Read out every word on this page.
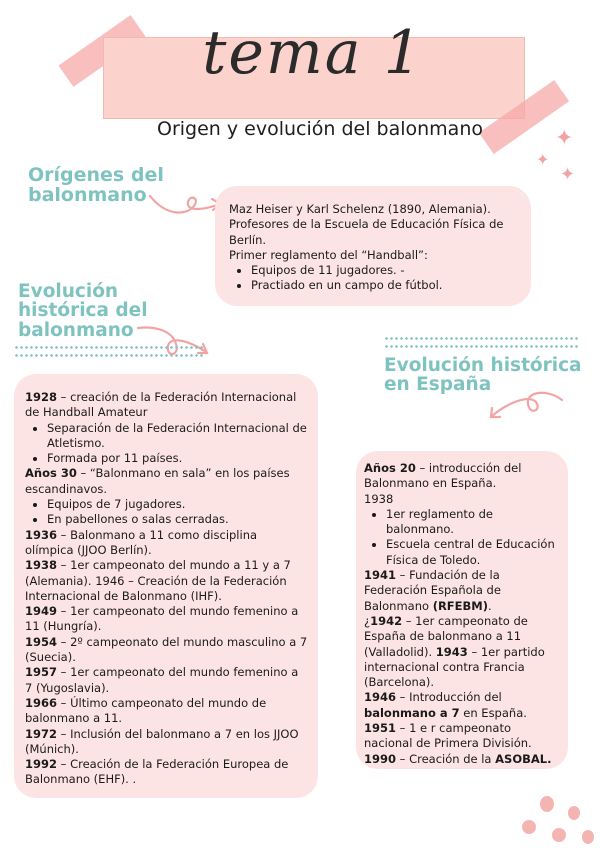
tema 1
Origen y evolución del balonmano	✦
✦
✦
Orígenes del
balonmano

Maz Heiser y Karl Schelenz (1890, Alemania).

Profesores de la Escuela de Educación Física de

Berlín.

Primer reglamento del “Handball”:

• Equipos de 11 jugadores. -
• Practiado en un campo de fútbol.
Evolución
histórica del
balonmano

1928 – creación de la Federación Internacional de Handball Amateur

• Separación de la Federación Internacional de Atletismo.
• Formada por 11 países.

Años 30 – “Balonmano en sala” en los países escandinavos.

• Equipos de 7 jugadores.
• En pabellones o salas cerradas.

1936 – Balonmano a 11 como disciplina olímpica (JJOO Berlín).

1938 – 1er campeonato del mundo a 11 y a 7 (Alemania). 1946 – Creación de la Federación Internacional de Balonmano (IHF).

1949 – 1er campeonato del mundo femenino a 11 (Hungría).

1954 – 2º campeonato del mundo masculino a 7 (Suecia).

1957 – 1er campeonato del mundo femenino a 7 (Yugoslavia).

1966 – Último campeonato del mundo de balonmano a 11.

1972 – Inclusión del balonmano a 7 en los JJOO (Múnich).

1992 – Creación de la Federación Europea de Balonmano (EHF). .

Evolución histórica
en España

Años 20 – introducción del Balonmano en España.

1938

• 1er reglamento de balonmano.
• Escuela central de Educación Física de Toledo.

1941 – Fundación de la Federación Española de Balonmano (RFEBM).

¿1942 – 1er campeonato de España de balonmano a 11 (Valladolid). 1943 – 1er partido internacional contra Francia (Barcelona).

1946 – Introducción del balonmano a 7 en España.

1951 – 1 e r campeonato nacional de Primera División.

1990 – Creación de la ASOBAL.
